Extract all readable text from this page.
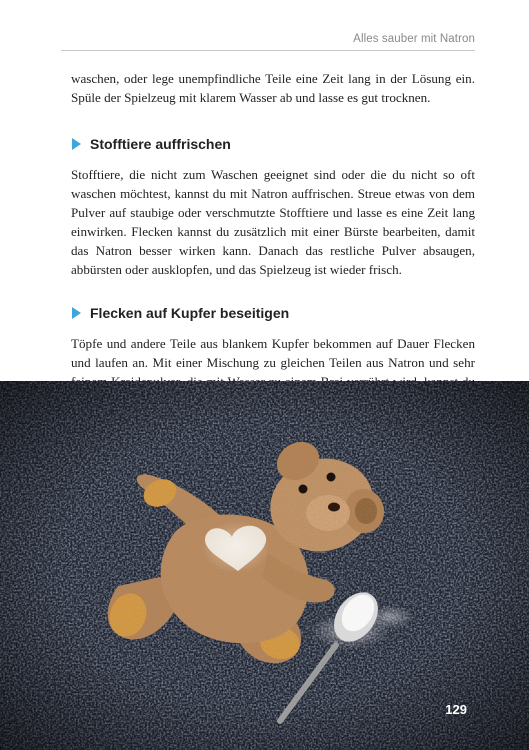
Alles sauber mit Natron

waschen, oder lege unempfindliche Teile eine Zeit lang in der Lösung ein. Spüle der Spielzeug mit klarem Wasser ab und lasse es gut trocknen.

Stofftiere auffrischen

Stofftiere, die nicht zum Waschen geeignet sind oder die du nicht so oft waschen möchtest, kannst du mit Natron auffrischen. Streue etwas von dem Pulver auf staubige oder verschmutzte Stofftiere und lasse es eine Zeit lang einwirken. Flecken kannst du zusätzlich mit einer Bürste bearbeiten, damit das Natron besser wirken kann. Danach das restliche Pulver absaugen, abbürsten oder ausklopfen, und das Spielzeug ist wieder frisch.

Flecken auf Kupfer beseitigen

Töpfe und andere Teile aus blankem Kupfer bekommen auf Dauer Flecken und laufen an. Mit einer Mischung zu gleichen Teilen aus Natron und sehr

129
